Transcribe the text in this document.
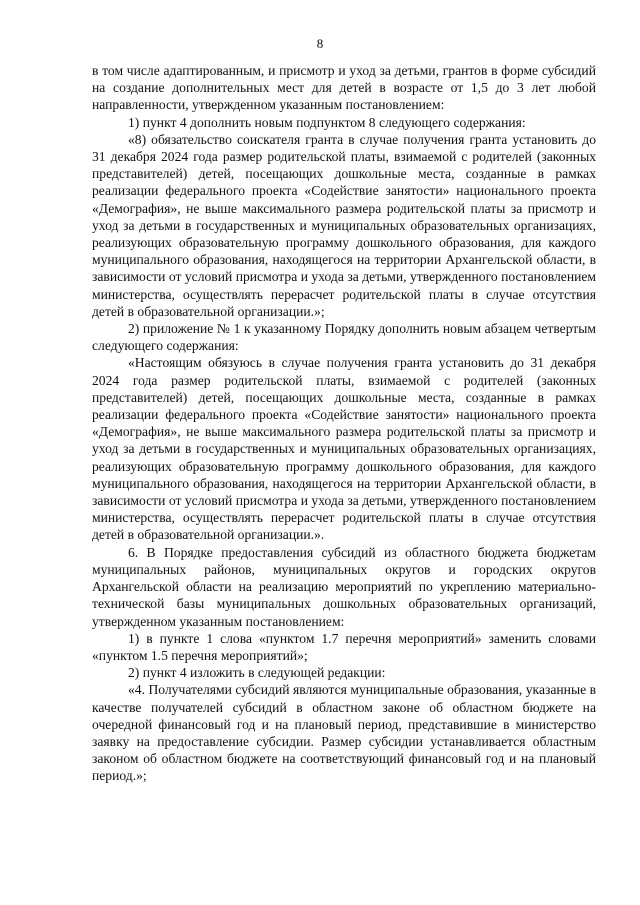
8

в том числе адаптированным, и присмотр и уход за детьми, грантов в форме субсидий на создание дополнительных мест для детей в возрасте от 1,5 до 3 лет любой направленности, утвержденном указанным постановлением:

1) пункт 4 дополнить новым подпунктом 8 следующего содержания:

«8) обязательство соискателя гранта в случае получения гранта установить до 31 декабря 2024 года размер родительской платы, взимаемой с родителей (законных представителей) детей, посещающих дошкольные места, созданные в рамках реализации федерального проекта «Содействие занятости» национального проекта «Демография», не выше максимального размера родительской платы за присмотр и уход за детьми в государственных и муниципальных образовательных организациях, реализующих образовательную программу дошкольного образования, для каждого муниципального образования, находящегося на территории Архангельской области, в зависимости от условий присмотра и ухода за детьми, утвержденного постановлением министерства, осуществлять перерасчет родительской платы в случае отсутствия детей в образовательной организации.»;

2) приложение № 1 к указанному Порядку дополнить новым абзацем четвертым следующего содержания:

«Настоящим обязуюсь в случае получения гранта установить до 31 декабря 2024 года размер родительской платы, взимаемой с родителей (законных представителей) детей, посещающих дошкольные места, созданные в рамках реализации федерального проекта «Содействие занятости» национального проекта «Демография», не выше максимального размера родительской платы за присмотр и уход за детьми в государственных и муниципальных образовательных организациях, реализующих образовательную программу дошкольного образования, для каждого муниципального образования, находящегося на территории Архангельской области, в зависимости от условий присмотра и ухода за детьми, утвержденного постановлением министерства, осуществлять перерасчет родительской платы в случае отсутствия детей в образовательной организации.».

6. В Порядке предоставления субсидий из областного бюджета бюджетам муниципальных районов, муниципальных округов и городских округов Архангельской области на реализацию мероприятий по укреплению материально-технической базы муниципальных дошкольных образовательных организаций, утвержденном указанным постановлением:

1) в пункте 1 слова «пунктом 1.7 перечня мероприятий» заменить словами «пунктом 1.5 перечня мероприятий»;

2) пункт 4 изложить в следующей редакции:

«4. Получателями субсидий являются муниципальные образования, указанные в качестве получателей субсидий в областном законе об областном бюджете на очередной финансовый год и на плановый период, представившие в министерство заявку на предоставление субсидии. Размер субсидии устанавливается областным законом об областном бюджете на соответствующий финансовый год и на плановый период.»;
